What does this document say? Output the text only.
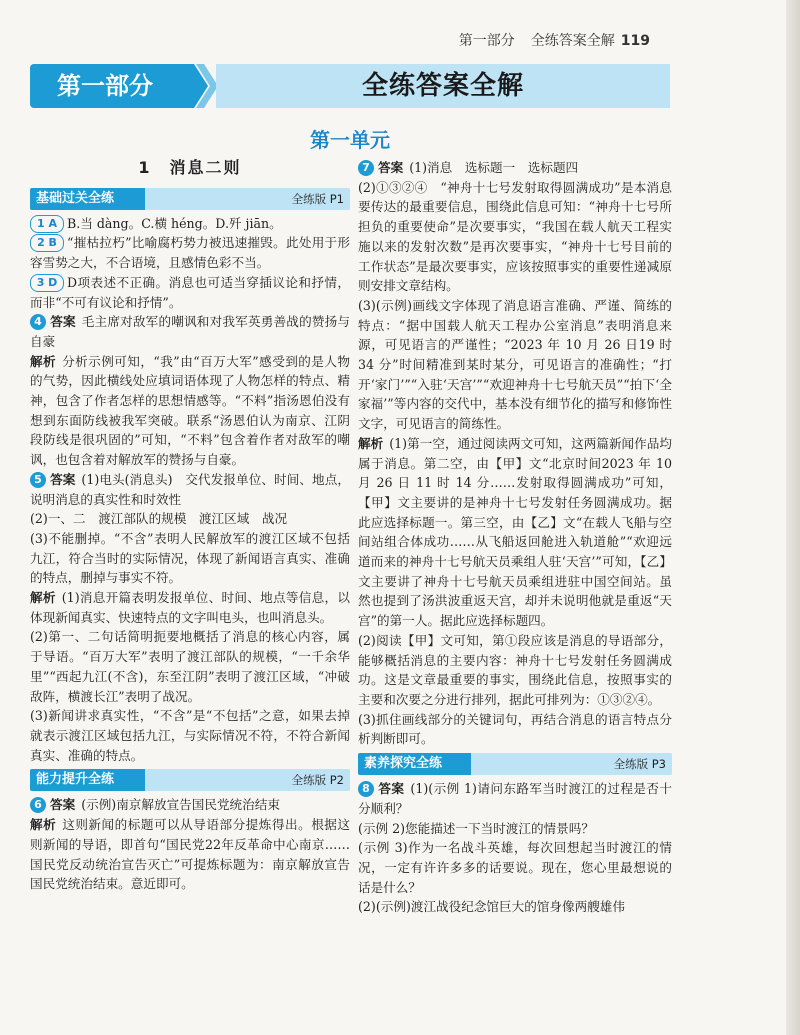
第一部分 全练答案全解 119
第一部分	全练答案全解
第一单元
1　消息二则
基础过关全练	全练版 P1

1 A B.当 dàng。C.横 héng。D.歼 jiān。

2 B “摧枯拉朽”比喻腐朽势力被迅速摧毁。此处用于形容雪势之大，不合语境，且感情色彩不当。

3 D D项表述不正确。消息也可适当穿插议论和抒情，而非“不可有议论和抒情”。

4 答案 毛主席对敌军的嘲讽和对我军英勇善战的赞扬与自豪

解析 分析示例可知，“我”由“百万大军”感受到的是人物的气势，因此横线处应填词语体现了人物怎样的特点、精神，包含了作者怎样的思想情感等。“不料”指汤恩伯没有想到东面防线被我军突破。联系“汤恩伯认为南京、江阴段防线是很巩固的”可知，“不料”包含着作者对敌军的嘲讽，也包含着对解放军的赞扬与自豪。

5 答案 (1)电头(消息头)　交代发报单位、时间、地点，说明消息的真实性和时效性

(2)一、二　渡江部队的规模　渡江区域　战况

(3)不能删掉。“不含”表明人民解放军的渡江区域不包括九江，符合当时的实际情况，体现了新闻语言真实、准确的特点，删掉与事实不符。

解析 (1)消息开篇表明发报单位、时间、地点等信息，以体现新闻真实、快速特点的文字叫电头，也叫消息头。

(2)第一、二句话简明扼要地概括了消息的核心内容，属于导语。“百万大军”表明了渡江部队的规模，“一千余华里”“西起九江(不含)，东至江阴”表明了渡江区域，“冲破敌阵，横渡长江”表明了战况。

(3)新闻讲求真实性，“不含”是“不包括”之意，如果去掉就表示渡江区域包括九江，与实际情况不符，不符合新闻真实、准确的特点。

能力提升全练	全练版 P2

6 答案 (示例)南京解放宣告国民党统治结束

解析 这则新闻的标题可以从导语部分提炼得出。根据这则新闻的导语，即首句“国民党22年反革命中心南京……国民党反动统治宣告灭亡”可提炼标题为：南京解放宣告国民党统治结束。意近即可。

7 答案 (1)消息　选标题一　选标题四

(2)①③②④　“神舟十七号发射取得圆满成功”是本消息要传达的最重要信息，围绕此信息可知：“神舟十七号所担负的重要使命”是次要事实，“我国在载人航天工程实施以来的发射次数”是再次要事实，“神舟十七号目前的工作状态”是最次要事实，应该按照事实的重要性递减原则安排文章结构。

(3)(示例)画线文字体现了消息语言准确、严谨、简练的特点：“据中国载人航天工程办公室消息”表明消息来源，可见语言的严谨性；“2023 年 10 月 26 日19 时 34 分”时间精准到某时某分，可见语言的准确性；“打开‘家门’”“入驻‘天宫’”“欢迎神舟十七号航天员”“拍下‘全家福’”等内容的交代中，基本没有细节化的描写和修饰性文字，可见语言的简练性。

解析 (1)第一空，通过阅读两文可知，这两篇新闻作品均属于消息。第二空，由【甲】文“北京时间2023 年 10 月 26 日 11 时 14 分……发射取得圆满成功”可知，【甲】文主要讲的是神舟十七号发射任务圆满成功。据此应选择标题一。第三空，由【乙】文“在载人飞船与空间站组合体成功……从飞船返回舱进入轨道舱”“欢迎远道而来的神舟十七号航天员乘组人驻‘天宫’”可知，【乙】文主要讲了神舟十七号航天员乘组进驻中国空间站。虽然也提到了汤洪波重返天宫，却并未说明他就是重返“天宫”的第一人。据此应选择标题四。

(2)阅读【甲】文可知，第①段应该是消息的导语部分，能够概括消息的主要内容：神舟十七号发射任务圆满成功。这是文章最重要的事实，围绕此信息，按照事实的主要和次要之分进行排列，据此可排列为：①③②④。

(3)抓住画线部分的关键词句，再结合消息的语言特点分析判断即可。

素养探究全练	全练版 P3

8 答案 (1)(示例 1)请问东路军当时渡江的过程是否十分顺利？

(示例 2)您能描述一下当时渡江的情景吗？

(示例 3)作为一名战斗英雄，每次回想起当时渡江的情况，一定有许许多多的话要说。现在，您心里最想说的话是什么？

(2)(示例)渡江战役纪念馆巨大的馆身像两艘雄伟
